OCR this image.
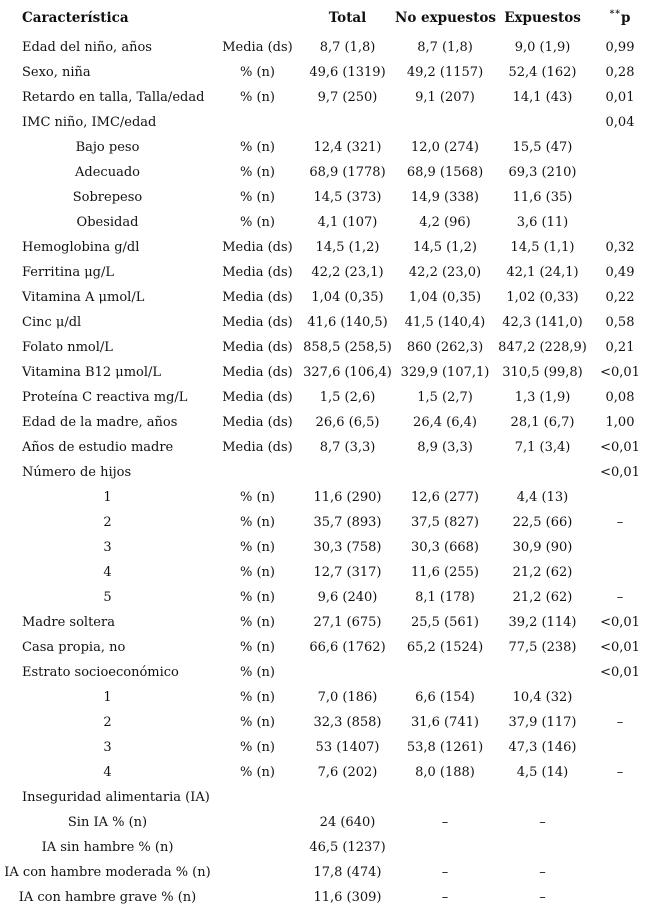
Característica		Total	No expuestos	Expuestos	**p
Edad del niño, años	Media (ds)	8,7 (1,8)	8,7 (1,8)	9,0 (1,9)	0,99
Sexo, niña	% (n)	49,6 (1319)	49,2 (1157)	52,4 (162)	0,28
Retardo en talla, Talla/edad	% (n)	9,7 (250)	9,1 (207)	14,1 (43)	0,01
IMC niño, IMC/edad					0,04
Bajo peso	% (n)	12,4 (321)	12,0 (274)	15,5 (47)	
Adecuado	% (n)	68,9 (1778)	68,9 (1568)	69,3 (210)	
Sobrepeso	% (n)	14,5 (373)	14,9 (338)	11,6 (35)	
Obesidad	% (n)	4,1 (107)	4,2 (96)	3,6 (11)	
Hemoglobina g/dl	Media (ds)	14,5 (1,2)	14,5 (1,2)	14,5 (1,1)	0,32
Ferritina μg/L	Media (ds)	42,2 (23,1)	42,2 (23,0)	42,1 (24,1)	0,49
Vitamina A μmol/L	Media (ds)	1,04 (0,35)	1,04 (0,35)	1,02 (0,33)	0,22
Cinc μ/dl	Media (ds)	41,6 (140,5)	41,5 (140,4)	42,3 (141,0)	0,58
Folato nmol/L	Media (ds)	858,5 (258,5)	860 (262,3)	847,2 (228,9)	0,21
Vitamina B12 μmol/L	Media (ds)	327,6 (106,4)	329,9 (107,1)	310,5 (99,8)	<0,01
Proteína C reactiva mg/L	Media (ds)	1,5 (2,6)	1,5 (2,7)	1,3 (1,9)	0,08
Edad de la madre, años	Media (ds)	26,6 (6,5)	26,4 (6,4)	28,1 (6,7)	1,00
Años de estudio madre	Media (ds)	8,7 (3,3)	8,9 (3,3)	7,1 (3,4)	<0,01
Número de hijos					<0,01
1	% (n)	11,6 (290)	12,6 (277)	4,4 (13)	
2	% (n)	35,7 (893)	37,5 (827)	22,5 (66)	–
3	% (n)	30,3 (758)	30,3 (668)	30,9 (90)	
4	% (n)	12,7 (317)	11,6 (255)	21,2 (62)	
5	% (n)	9,6 (240)	8,1 (178)	21,2 (62)	–
Madre soltera	% (n)	27,1 (675)	25,5 (561)	39,2 (114)	<0,01
Casa propia, no	% (n)	66,6 (1762)	65,2 (1524)	77,5 (238)	<0,01
Estrato socioeconómico	% (n)				<0,01
1	% (n)	7,0 (186)	6,6 (154)	10,4 (32)	
2	% (n)	32,3 (858)	31,6 (741)	37,9 (117)	–
3	% (n)	53 (1407)	53,8 (1261)	47,3 (146)	
4	% (n)	7,6 (202)	8,0 (188)	4,5 (14)	–
Inseguridad alimentaria (IA)					
Sin IA % (n)		24 (640)	–	–	
IA sin hambre % (n)		46,5 (1237)			
IA con hambre moderada % (n)		17,8 (474)	–	–	
IA con hambre grave % (n)		11,6 (309)	–	–	
